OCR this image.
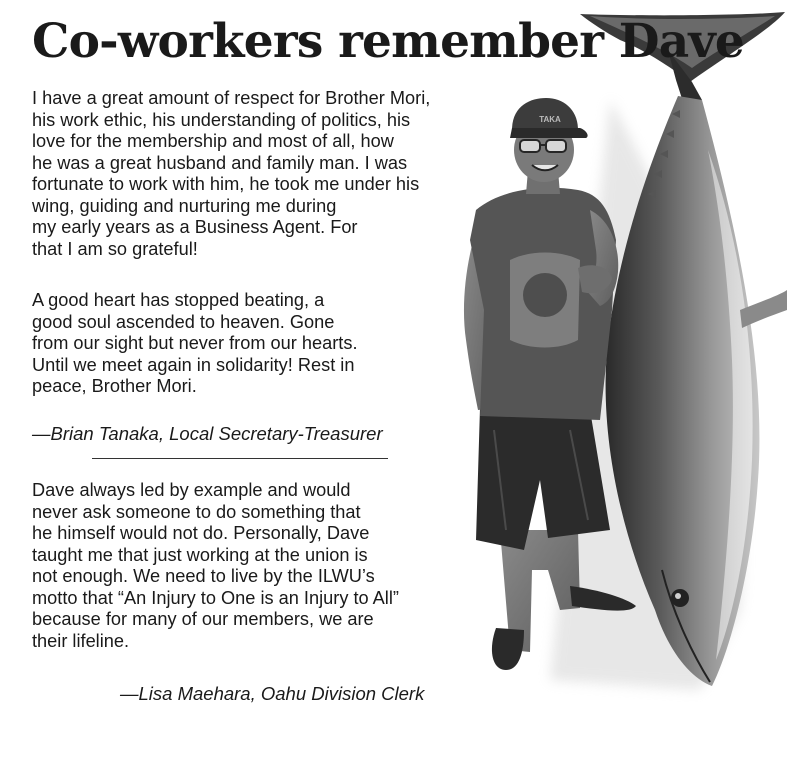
Co-workers remember Dave
TAKA

I have a great amount of respect for Brother Mori,
his work ethic, his understanding of politics, his
love for the membership and most of all, how
he was a great husband and family man. I was
fortunate to work with him, he took me under his
wing, guiding and nurturing me during
my early years as a Business Agent. For
that I am so grateful!

A good heart has stopped beating, a
good soul ascended to heaven. Gone
from our sight but never from our hearts.
Until we meet again in solidarity! Rest in
peace, Brother Mori.

—Brian Tanaka, Local Secretary-Treasurer

Dave always led by example and would
never ask someone to do something that
he himself would not do. Personally, Dave
taught me that just working at the union is
not enough. We need to live by the ILWU’s
motto that “An Injury to One is an Injury to All”
because for many of our members, we are
their lifeline.

—Lisa Maehara, Oahu Division Clerk
